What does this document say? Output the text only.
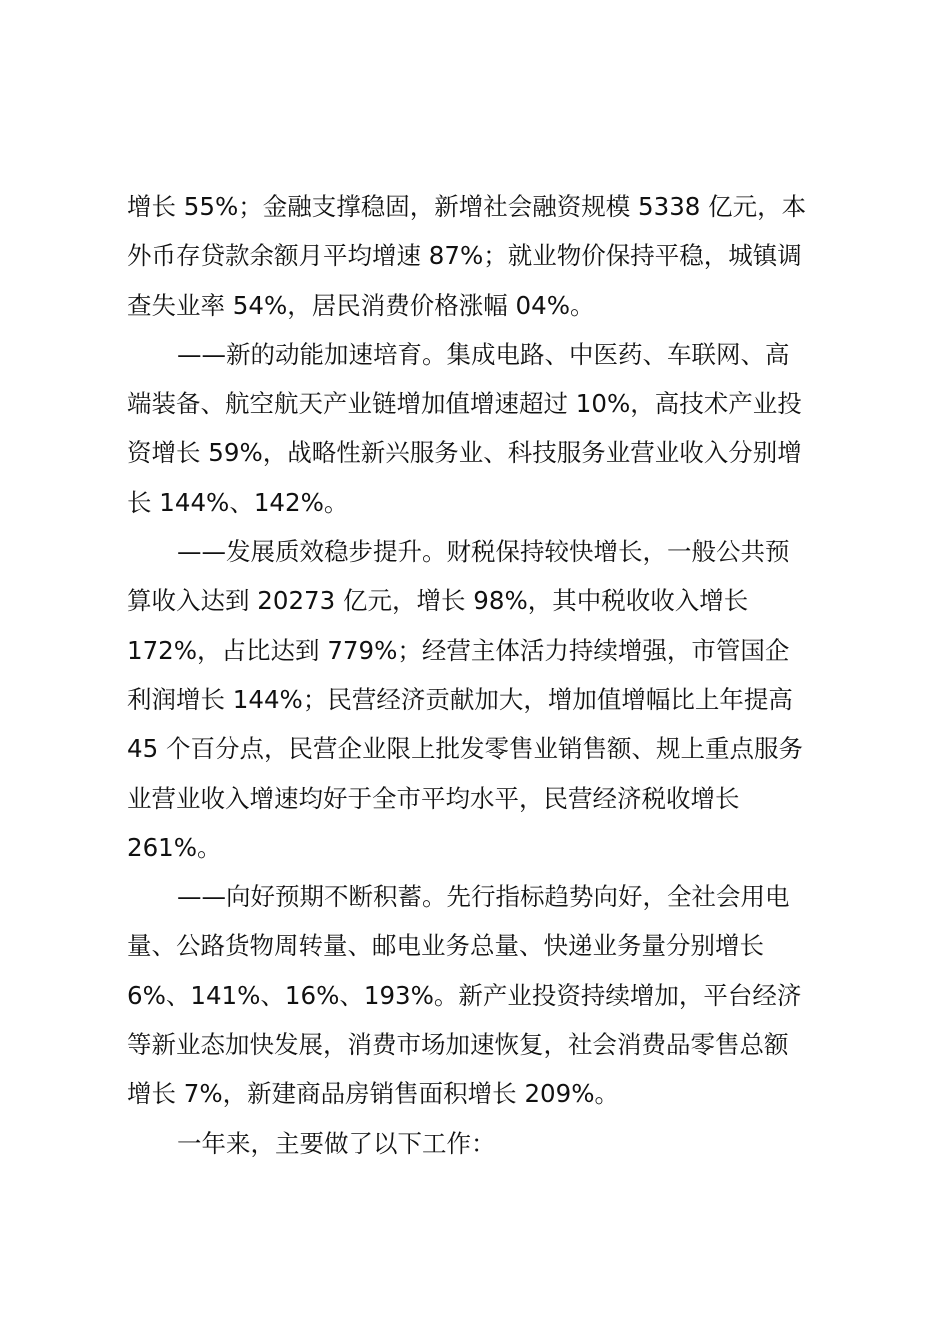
增长 55%；金融支撑稳固，新增社会融资规模 5338 亿元，本
外币存贷款余额月平均增速 87%；就业物价保持平稳，城镇调
查失业率 54%，居民消费价格涨幅 04%。
——新的动能加速培育。集成电路、中医药、车联网、高
端装备、航空航天产业链增加值增速超过 10%，高技术产业投
资增长 59%，战略性新兴服务业、科技服务业营业收入分别增
长 144%、142%。
——发展质效稳步提升。财税保持较快增长，一般公共预
算收入达到 20273 亿元，增长 98%，其中税收收入增长
172%，占比达到 779%；经营主体活力持续增强，市管国企
利润增长 144%；民营经济贡献加大，增加值增幅比上年提高
45 个百分点，民营企业限上批发零售业销售额、规上重点服务
业营业收入增速均好于全市平均水平，民营经济税收增长
261%。
——向好预期不断积蓄。先行指标趋势向好，全社会用电
量、公路货物周转量、邮电业务总量、快递业务量分别增长
6%、141%、16%、193%。新产业投资持续增加，平台经济
等新业态加快发展，消费市场加速恢复，社会消费品零售总额
增长 7%，新建商品房销售面积增长 209%。
一年来，主要做了以下工作：
